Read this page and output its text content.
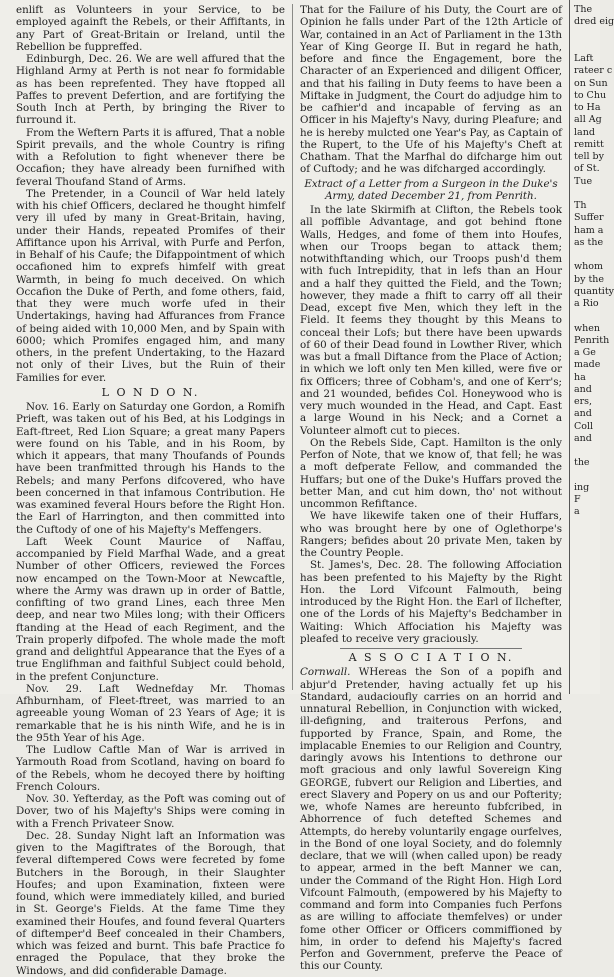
enlift as Volunteers in your Service, to be employed againft the Rebels, or their Affiftants, in any Part of Great-Britain or Ireland, until the Rebellion be fuppreffed.

Edinburgh, Dec. 26. We are well affured that the Highland Army at Perth is not near fo formidable as has been reprefented. They have ftopped all Paffes to prevent Defertion, and are fortifying the South Inch at Perth, by bringing the River to furround it.

From the Weftern Parts it is affured, That a noble Spirit prevails, and the whole Country is rifing with a Refolution to fight whenever there be Occafion; they have already been furnifhed with feveral Thoufand Stand of Arms.

The Pretender, in a Council of War held lately with his chief Officers, declared he thought himfelf very ill ufed by many in Great-Britain, having, under their Hands, repeated Promifes of their Affiftance upon his Arrival, with Purfe and Perfon, in Behalf of his Caufe; the Difappointment of which occafioned him to exprefs himfelf with great Warmth, in being fo much deceived. On which Occafion the Duke of Perth, and fome others, faid, that they were much worfe ufed in their Undertakings, having had Affurances from France of being aided with 10,000 Men, and by Spain with 6000; which Promifes engaged him, and many others, in the prefent Undertaking, to the Hazard not only of their Lives, but the Ruin of their Families for ever.

L O N D O N.

Nov. 16. Early on Saturday one Gordon, a Romifh Prieft, was taken out of his Bed, at his Lodgings in Eaft-ftreet, Red Lion Square; a great many Papers were found on his Table, and in his Room, by which it appears, that many Thoufands of Pounds have been tranfmitted through his Hands to the Rebels; and many Perfons difcovered, who have been concerned in that infamous Contribution. He was examined feveral Hours before the Right Hon. the Earl of Harrington, and then committed into the Cuftody of one of his Majefty's Meffengers.

Laft Week Count Maurice of Naffau, accompanied by Field Marfhal Wade, and a great Number of other Officers, reviewed the Forces now encamped on the Town-Moor at Newcaftle, where the Army was drawn up in order of Battle, confifting of two grand Lines, each three Men deep, and near two Miles long; with their Officers ftanding at the Head of each Regiment, and the Train properly difpofed. The whole made the moft grand and delightful Appearance that the Eyes of a true Englifhman and faithful Subject could behold, in the prefent Conjuncture.

Nov. 29. Laft Wednefday Mr. Thomas Afhburnham, of Fleet-ftreet, was married to an agreeable young Woman of 23 Years of Age; it is remarkable that he is his ninth Wife, and he is in the 95th Year of his Age.

The Ludlow Caftle Man of War is arrived in Yarmouth Road from Scotland, having on board fo of the Rebels, whom he decoyed there by hoifting French Colours.

Nov. 30. Yefterday, as the Poft was coming out of Dover, two of his Majefty's Ships were coming in with a French Privateer Snow.

Dec. 28. Sunday Night laft an Information was given to the Magiftrates of the Borough, that feveral diftempered Cows were fecreted by fome Butchers in the Borough, in their Slaughter Houfes; and upon Examination, fixteen were found, which were immediately killed, and buried in St. George's Fields. At the fame Time they examined their Houfes, and found feveral Quarters of diftemper'd Beef concealed in their Chambers, which was feized and burnt. This bafe Practice fo enraged the Populace, that they broke the Windows, and did confiderable Damage.

That for the Failure of his Duty, the Court are of Opinion he falls under Part of the 12th Article of War, contained in an Act of Parliament in the 13th Year of King George II. But in regard he hath, before and fince the Engagement, bore the Character of an Experienced and diligent Officer, and that his failing in Duty feems to have been a Miftake in Judgment, the Court do adjudge him to be cafhier'd and incapable of ferving as an Officer in his Majefty's Navy, during Pleafure; and he is hereby mulcted one Year's Pay, as Captain of the Rupert, to the Ufe of his Majefty's Cheft at Chatham. That the Marfhal do difcharge him out of Cuftody; and he was difcharged accordingly.

Extract of a Letter from a Surgeon in the Duke's Army, dated December 21, from Penrith.

In the late Skirmifh at Clifton, the Rebels took all poffible Advantage, and got behind ftone Walls, Hedges, and fome of them into Houfes, when our Troops began to attack them; notwithftanding which, our Troops push'd them with fuch Intrepidity, that in lefs than an Hour and a half they quitted the Field, and the Town; however, they made a fhift to carry off all their Dead, except five Men, which they left in the Field. It feems they thought by this Means to conceal their Lofs; but there have been upwards of 60 of their Dead found in Lowther River, which was but a fmall Diftance from the Place of Action; in which we loft only ten Men killed, were five or fix Officers; three of Cobham's, and one of Kerr's; and 21 wounded, befides Col. Honeywood who is very much wounded in the Head, and Capt. East a large Wound in his Neck; and a Cornet a Volunteer almoft cut to pieces.

On the Rebels Side, Capt. Hamilton is the only Perfon of Note, that we know of, that fell; he was a moft defperate Fellow, and commanded the Huffars; but one of the Duke's Huffars proved the better Man, and cut him down, tho' not without uncommon Refiftance.

We have likewife taken one of their Huffars, who was brought here by one of Oglethorpe's Rangers; befides about 20 private Men, taken by the Country People.

St. James's, Dec. 28. The following Affociation has been prefented to his Majefty by the Right Hon. the Lord Vifcount Falmouth, being introduced by the Right Hon. the Earl of Ilchefter, one of the Lords of his Majefty's Bedchamber in Waiting: Which Affociation his Majefty was pleafed to receive very graciously.

A S S O C I A T I O N.

Cornwall. WHereas the Son of a popifh and abjur'd Pretender, having actually fet up his Standard, audacioufly carries on an horrid and unnatural Rebellion, in Conjunction with wicked, ill-defigning, and traiterous Perfons, and fupported by France, Spain, and Rome, the implacable Enemies to our Religion and Country, daringly avows his Intentions to dethrone our moft gracious and only lawful Sovereign King GEORGE, fubvert our Religion and Liberties, and erect Slavery and Popery on us and our Pofterity; we, whofe Names are hereunto fubfcribed, in Abhorrence of fuch detefted Schemes and Attempts, do hereby voluntarily engage ourfelves, in the Bond of one loyal Society, and do folemnly declare, that we will (when called upon) be ready to appear, armed in the beft Manner we can, under the Command of the Right Hon. High Lord Vifcount Falmouth, (empowered by his Majefty to command and form into Companies fuch Perfons as are willing to affociate themfelves) or under fome other Officer or Officers commiffioned by him, in order to defend his Majefty's facred Perfon and Government, preferve the Peace of this our County.

The
dred eig

Laft
rateer c
on Sun
to Chu
to Ha
all Ag
land
remitt
tell by
of St.
Tue

Th
Suffer
ham a
as the

whom
by the
quantity
a Rio

when
Penrith
a Ge
made
ha
and
ers,
and
Coll
and

the

ing
F
a
